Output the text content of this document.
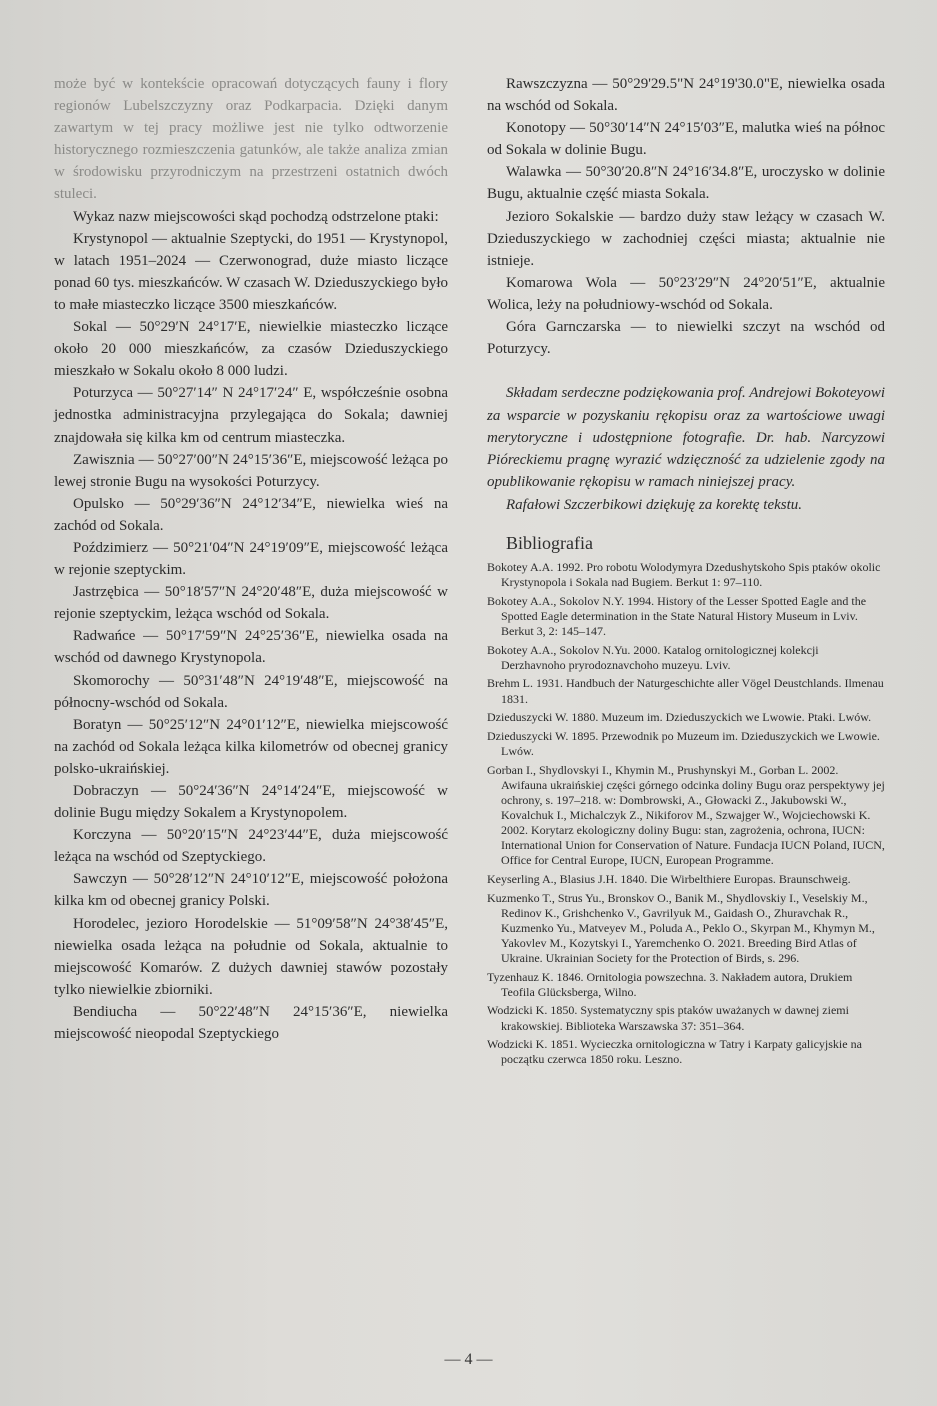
może być w kontekście opracowań dotyczących fauny i flory regionów Lubelszczyzny oraz Podkarpacia. Dzięki danym zawartym w tej pracy możliwe jest nie tylko odtworzenie historycznego rozmieszczenia gatunków, ale także analiza zmian w środowisku przyrodniczym na przestrzeni ostatnich dwóch stuleci.

Wykaz nazw miejscowości skąd pochodzą odstrzelone ptaki:

Krystynopol — aktualnie Szeptycki, do 1951 — Krystynopol, w latach 1951–2024 — Czerwonograd, duże miasto liczące ponad 60 tys. mieszkańców. W czasach W. Dzieduszyckiego było to małe miasteczko liczące 3500 mieszkańców.

Sokal — 50°29′N 24°17′E, niewielkie miasteczko liczące około 20 000 mieszkańców, za czasów Dzieduszyckiego mieszkało w Sokalu około 8 000 ludzi.

Poturzyca — 50°27′14″ N 24°17′24″ E, współcześnie osobna jednostka administracyjna przylegająca do Sokala; dawniej znajdowała się kilka km od centrum miasteczka.

Zawisznia — 50°27′00″N 24°15′36″E, miejscowość leżąca po lewej stronie Bugu na wysokości Poturzycy.

Opulsko — 50°29′36″N 24°12′34″E, niewielka wieś na zachód od Sokala.

Poździmierz — 50°21′04″N 24°19′09″E, miejscowość leżąca w rejonie szeptyckim.

Jastrzębica — 50°18′57″N 24°20′48″E, duża miejscowość w rejonie szeptyckim, leżąca wschód od Sokala.

Radwańce — 50°17′59″N 24°25′36″E, niewielka osada na wschód od dawnego Krystynopola.

Skomorochy — 50°31′48″N 24°19′48″E, miejscowość na północny-wschód od Sokala.

Boratyn — 50°25′12″N 24°01′12″E, niewielka miejscowość na zachód od Sokala leżąca kilka kilometrów od obecnej granicy polsko-ukraińskiej.

Dobraczyn — 50°24′36″N 24°14′24″E, miejscowość w dolinie Bugu między Sokalem a Krystynopolem.

Korczyna — 50°20′15″N 24°23′44″E, duża miejscowość leżąca na wschód od Szeptyckiego.

Sawczyn — 50°28′12″N 24°10′12″E, miejscowość położona kilka km od obecnej granicy Polski.

Horodelec, jezioro Horodelskie — 51°09′58″N 24°38′45″E, niewielka osada leżąca na południe od Sokala, aktualnie to miejscowość Komarów. Z dużych dawniej stawów pozostały tylko niewielkie zbiorniki.

Bendiucha — 50°22′48″N 24°15′36″E, niewielka miejscowość nieopodal Szeptyckiego

Rawszczyzna — 50°29'29.5"N 24°19'30.0"E, niewielka osada na wschód od Sokala.

Konotopy — 50°30′14″N 24°15′03″E, malutka wieś na północ od Sokala w dolinie Bugu.

Walawka — 50°30′20.8″N 24°16′34.8″E, uroczysko w dolinie Bugu, aktualnie część miasta Sokala.

Jezioro Sokalskie — bardzo duży staw leżący w czasach W. Dzieduszyckiego w zachodniej części miasta; aktualnie nie istnieje.

Komarowa Wola — 50°23′29″N 24°20′51″E, aktualnie Wolica, leży na południowy-wschód od Sokala.

Góra Garnczarska — to niewielki szczyt na wschód od Poturzycy.

Składam serdeczne podziękowania prof. Andrejowi Bokoteyowi za wsparcie w pozyskaniu rękopisu oraz za wartościowe uwagi merytoryczne i udostępnione fotografie. Dr. hab. Narcyzowi Pióreckiemu pragnę wyrazić wdzięczność za udzielenie zgody na opublikowanie rękopisu w ramach niniejszej pracy.

Rafałowi Szczerbikowi dziękuję za korektę tekstu.

Bibliografia

Bokotey A.A. 1992. Pro robotu Wolodymyra Dzedushytskoho Spis ptaków okolic Krystynopola i Sokala nad Bugiem. Berkut 1: 97–110.

Bokotey A.A., Sokolov N.Y. 1994. History of the Lesser Spotted Eagle and the Spotted Eagle determination in the State Natural History Museum in Lviv. Berkut 3, 2: 145–147.

Bokotey A.A., Sokolov N.Yu. 2000. Katalog ornitologicznej kolekcji Derzhavnoho pryrodoznavchoho muzeyu. Lviv.

Brehm L. 1931. Handbuch der Naturgeschichte aller Vögel Deustchlands. Ilmenau 1831.

Dzieduszycki W. 1880. Muzeum im. Dzieduszyckich we Lwowie. Ptaki. Lwów.

Dzieduszycki W. 1895. Przewodnik po Muzeum im. Dzieduszyckich we Lwowie. Lwów.

Gorban I., Shydlovskyi I., Khymin M., Prushynskyi M., Gorban L. 2002. Awifauna ukraińskiej części górnego odcinka doliny Bugu oraz perspektywy jej ochrony, s. 197–218. w: Dombrowski, A., Głowacki Z., Jakubowski W., Kovalchuk I., Michalczyk Z., Nikiforov M., Szwajger W., Wojciechowski K. 2002. Korytarz ekologiczny doliny Bugu: stan, zagrożenia, ochrona, IUCN: International Union for Conservation of Nature. Fundacja IUCN Poland, IUCN, Office for Central Europe, IUCN, European Programme.

Keyserling A., Blasius J.H. 1840. Die Wirbelthiere Europas. Braunschweig.

Kuzmenko T., Strus Yu., Bronskov O., Banik M., Shydlovskiy I., Veselskiy M., Redinov K., Grishchenko V., Gavrilyuk M., Gaidash O., Zhuravchak R., Kuzmenko Yu., Matveyev M., Poluda A., Peklo O., Skyrpan M., Khymyn M., Yakovlev M., Kozytskyi I., Yaremchenko O. 2021. Breeding Bird Atlas of Ukraine. Ukrainian Society for the Protection of Birds, s. 296.

Tyzenhauz K. 1846. Ornitologia powszechna. 3. Nakładem autora, Drukiem Teofila Glücksberga, Wilno.

Wodzicki K. 1850. Systematyczny spis ptaków uważanych w dawnej ziemi krakowskiej. Biblioteka Warszawska 37: 351–364.

Wodzicki K. 1851. Wycieczka ornitologiczna w Tatry i Karpaty galicyjskie na początku czerwca 1850 roku. Leszno.

— 4 —
